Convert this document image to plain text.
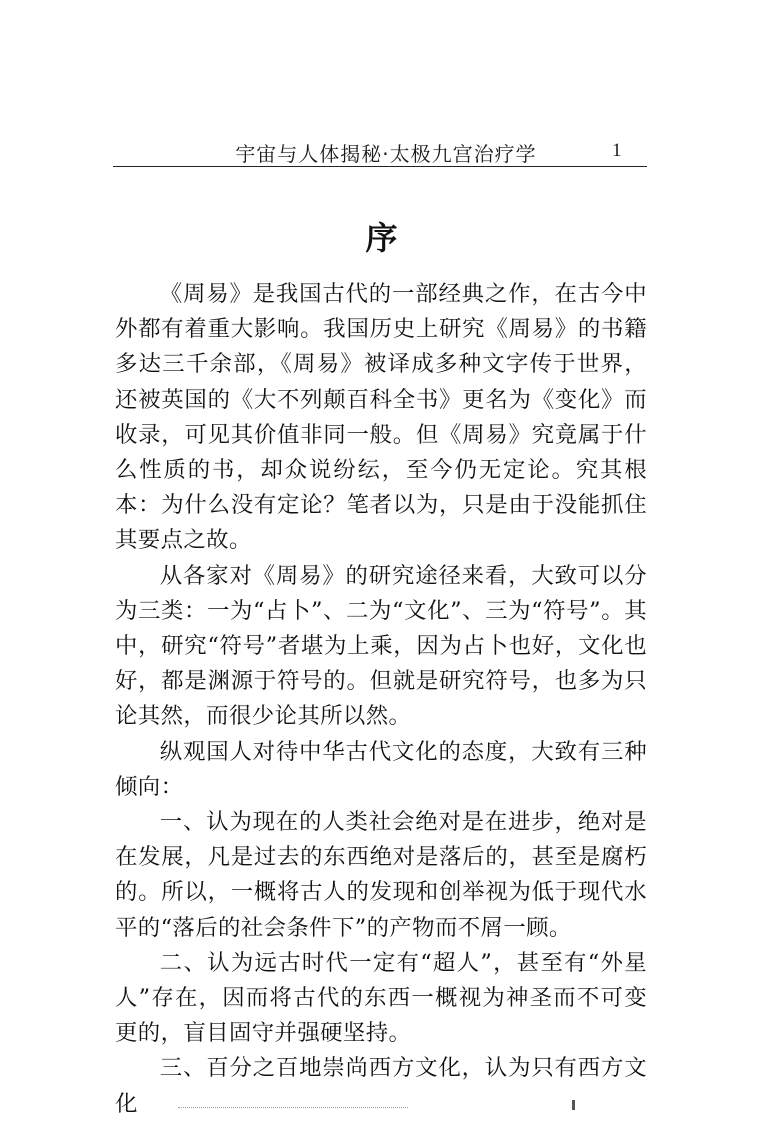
宇宙与人体揭秘·太极九宫治疗学	1
序

《周易》是我国古代的一部经典之作，在古今中外都有着重大影响。我国历史上研究《周易》的书籍多达三千余部，《周易》被译成多种文字传于世界，还被英国的《大不列颠百科全书》更名为《变化》而收录，可见其价值非同一般。但《周易》究竟属于什么性质的书，却众说纷纭，至今仍无定论。究其根本：为什么没有定论？笔者以为，只是由于没能抓住其要点之故。

从各家对《周易》的研究途径来看，大致可以分为三类：一为“占卜”、二为“文化”、三为“符号”。其中，研究“符号”者堪为上乘，因为占卜也好，文化也好，都是渊源于符号的。但就是研究符号，也多为只论其然，而很少论其所以然。

纵观国人对待中华古代文化的态度，大致有三种倾向：

一、认为现在的人类社会绝对是在进步，绝对是在发展，凡是过去的东西绝对是落后的，甚至是腐朽的。所以，一概将古人的发现和创举视为低于现代水平的“落后的社会条件下”的产物而不屑一顾。

二、认为远古时代一定有“超人”，甚至有“外星人”存在，因而将古代的东西一概视为神圣而不可变更的，盲目固守并强硬坚持。

三、百分之百地崇尚西方文化，认为只有西方文化
